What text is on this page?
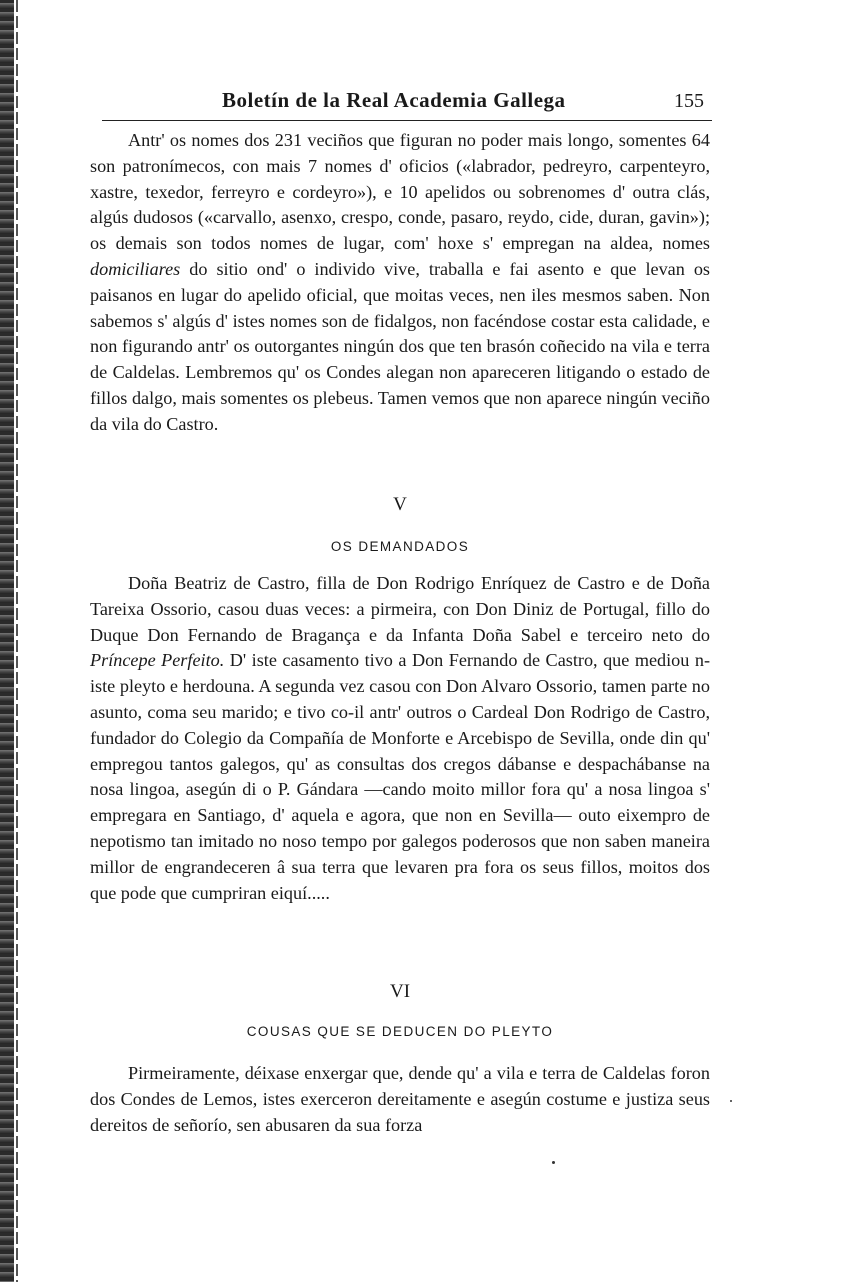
Boletín de la Real Academia Gallega	155

Antr' os nomes dos 231 veciños que figuran no poder mais longo, somentes 64 son patronímecos, con mais 7 nomes d' oficios («labrador, pedreyro, carpenteyro, xastre, texedor, ferreyro e cordeyro»), e 10 apelidos ou sobrenomes d' outra clás, algús dudosos («carvallo, asenxo, crespo, conde, pasaro, reydo, cide, duran, gavin»); os demais son todos nomes de lugar, com' hoxe s' empregan na aldea, nomes domiciliares do sitio ond' o individo vive, traballa e fai asento e que levan os paisanos en lugar do apelido oficial, que moitas veces, nen iles mesmos saben. Non sabemos s' algús d' istes nomes son de fidalgos, non facéndose costar esta calidade, e non figurando antr' os outorgantes ningún dos que ten brasón coñecido na vila e terra de Caldelas. Lembremos qu' os Condes alegan non apareceren litigando o estado de fillos dalgo, mais somentes os plebeus. Tamen vemos que non aparece ningún veciño da vila do Castro.

V
OS DEMANDADOS

Doña Beatriz de Castro, filla de Don Rodrigo Enríquez de Castro e de Doña Tareixa Ossorio, casou duas veces: a pirmeira, con Don Diniz de Portugal, fillo do Duque Don Fernando de Bragança e da Infanta Doña Sabel e terceiro neto do Príncepe Perfeito. D' iste casamento tivo a Don Fernando de Castro, que mediou n-iste pleyto e herdouna. A segunda vez casou con Don Alvaro Ossorio, tamen parte no asunto, coma seu marido; e tivo co-il antr' outros o Cardeal Don Rodrigo de Castro, fundador do Colegio da Compañía de Monforte e Arcebispo de Sevilla, onde din qu' empregou tantos galegos, qu' as consultas dos cregos dábanse e despachábanse na nosa lingoa, asegún di o P. Gándara —cando moito millor fora qu' a nosa lingoa s' empregara en Santiago, d' aquela e agora, que non en Sevilla— outo eixempro de nepotismo tan imitado no noso tempo por galegos poderosos que non saben maneira millor de engrandeceren â sua terra que levaren pra fora os seus fillos, moitos dos que pode que cumpriran eiquí.....

VI
COUSAS QUE SE DEDUCEN DO PLEYTO

Pirmeiramente, déixase enxergar que, dende qu' a vila e terra de Caldelas foron dos Condes de Lemos, istes exerceron dereitamente e asegún costume e justiza seus dereitos de señorío, sen abusaren da sua forza
